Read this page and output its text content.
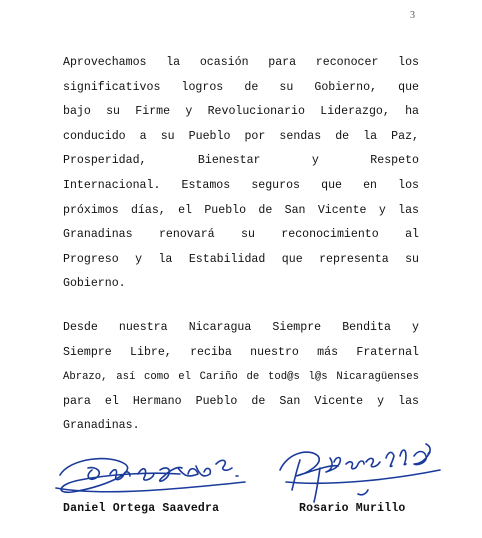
3
Aprovechamos la ocasión para reconocer los
significativos logros de su Gobierno, que
bajo su Firme y Revolucionario Liderazgo, ha
conducido a su Pueblo por sendas de la Paz,
Prosperidad, Bienestar y Respeto
Internacional. Estamos seguros que en los
próximos días, el Pueblo de San Vicente y las
Granadinas renovará su reconocimiento al
Progreso y la Estabilidad que representa su
Gobierno.
Desde nuestra Nicaragua Siempre Bendita y
Siempre Libre, reciba nuestro más Fraternal
Abrazo, así como el Cariño de tod@s l@s Nicaragüenses
para el Hermano Pueblo de San Vicente y las
Granadinas.
Daniel Ortega Saavedra	Rosario Murillo
